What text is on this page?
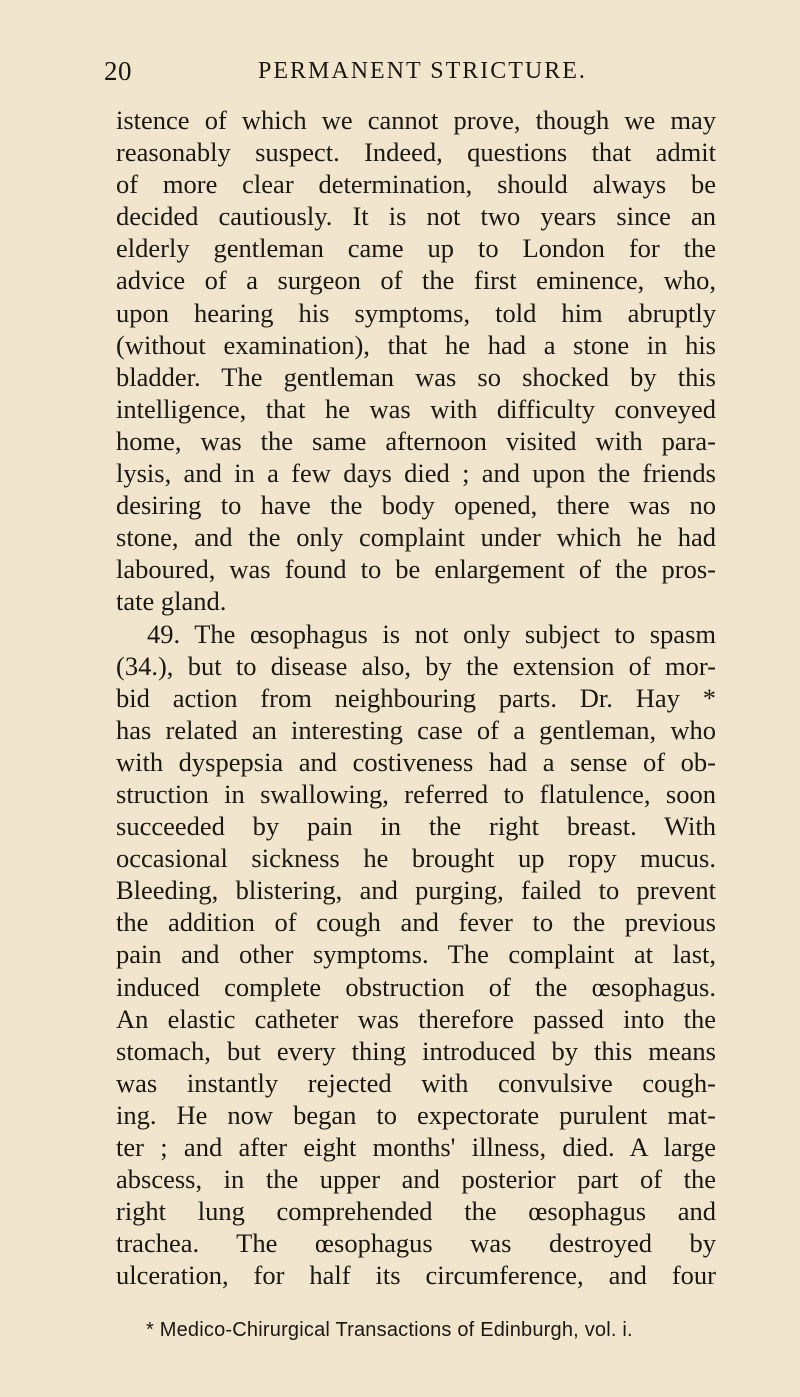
20	PERMANENT STRICTURE.
istence of which we cannot prove, though we may
reasonably suspect. Indeed, questions that admit
of more clear determination, should always be
decided cautiously. It is not two years since an
elderly gentleman came up to London for the
advice of a surgeon of the first eminence, who,
upon hearing his symptoms, told him abruptly
(without examination), that he had a stone in his
bladder. The gentleman was so shocked by this
intelligence, that he was with difficulty conveyed
home, was the same afternoon visited with para-
lysis, and in a few days died ; and upon the friends
desiring to have the body opened, there was no
stone, and the only complaint under which he had
laboured, was found to be enlargement of the pros-
tate gland.
49. The œsophagus is not only subject to spasm
(34.), but to disease also, by the extension of mor-
bid action from neighbouring parts. Dr. Hay *
has related an interesting case of a gentleman, who
with dyspepsia and costiveness had a sense of ob-
struction in swallowing, referred to flatulence, soon
succeeded by pain in the right breast. With
occasional sickness he brought up ropy mucus.
Bleeding, blistering, and purging, failed to prevent
the addition of cough and fever to the previous
pain and other symptoms. The complaint at last,
induced complete obstruction of the œsophagus.
An elastic catheter was therefore passed into the
stomach, but every thing introduced by this means
was instantly rejected with convulsive cough-
ing. He now began to expectorate purulent mat-
ter ; and after eight months' illness, died. A large
abscess, in the upper and posterior part of the
right lung comprehended the œsophagus and
trachea. The œsophagus was destroyed by
ulceration, for half its circumference, and four
* Medico-Chirurgical Transactions of Edinburgh, vol. i.
